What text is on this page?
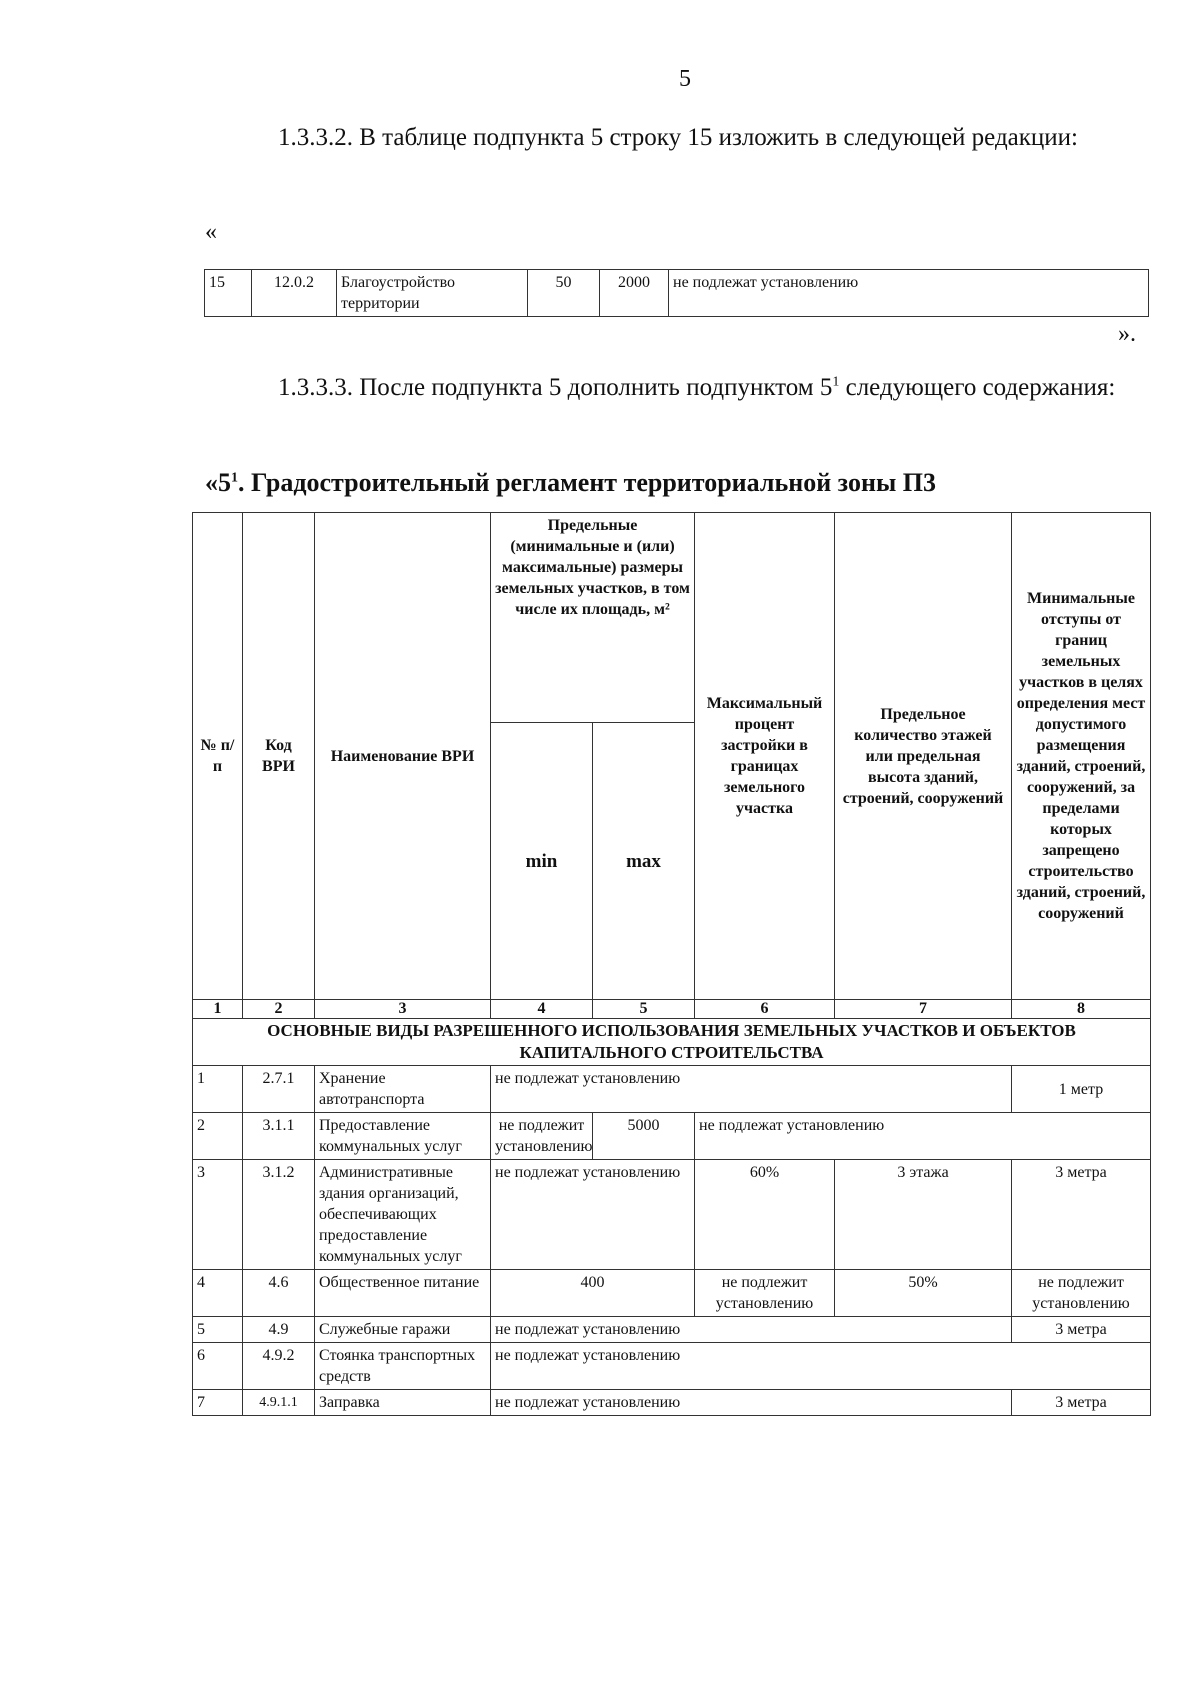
5
1.3.3.2. В таблице подпункта 5 строку 15 изложить в следующей редакции:
«
15	12.0.2	Благоустройство территории	50	2000	не подлежат установлению
».
1.3.3.3. После подпункта 5 дополнить подпунктом $5^1$ следующего содержания:
«$5^1$. Градостроительный регламент территориальной зоны П3
№ п/п	Код ВРИ	Наименование ВРИ	Предельные (минимальные и (или) максимальные) размеры земельных участков, в том числе их площадь, м²		Максимальный процент застройки в границах земельного участка	Предельное количество этажей или предельная высота зданий, строений, сооружений	Минимальные отступы от границ земельных участков в целях определения мест допустимого размещения зданий, строений, сооружений, за пределами которых запрещено строительство зданий, строений, сооружений
			min	max			
1	2	3	4	5	6	7	8
ОСНОВНЫЕ ВИДЫ РАЗРЕШЕННОГО ИСПОЛЬЗОВАНИЯ ЗЕМЕЛЬНЫХ УЧАСТКОВ И ОБЪЕКТОВ КАПИТАЛЬНОГО СТРОИТЕЛЬСТВА							
1	2.7.1	Хранение автотранспорта	не подлежат установлению				1 метр
2	3.1.1	Предоставление коммунальных услуг	не подлежит установлению	5000	не подлежат установлению		
3	3.1.2	Административные здания организаций, обеспечивающих предоставление коммунальных услуг	не подлежат установлению		60%	3 этажа	3 метра
4	4.6	Общественное питание	400		не подлежит установлению	50%	не подлежит установлению
5	4.9	Служебные гаражи	не подлежат установлению				3 метра
6	4.9.2	Стоянка транспортных средств	не подлежат установлению				
7	4.9.1.1	Заправка	не подлежат установлению				3 метра
